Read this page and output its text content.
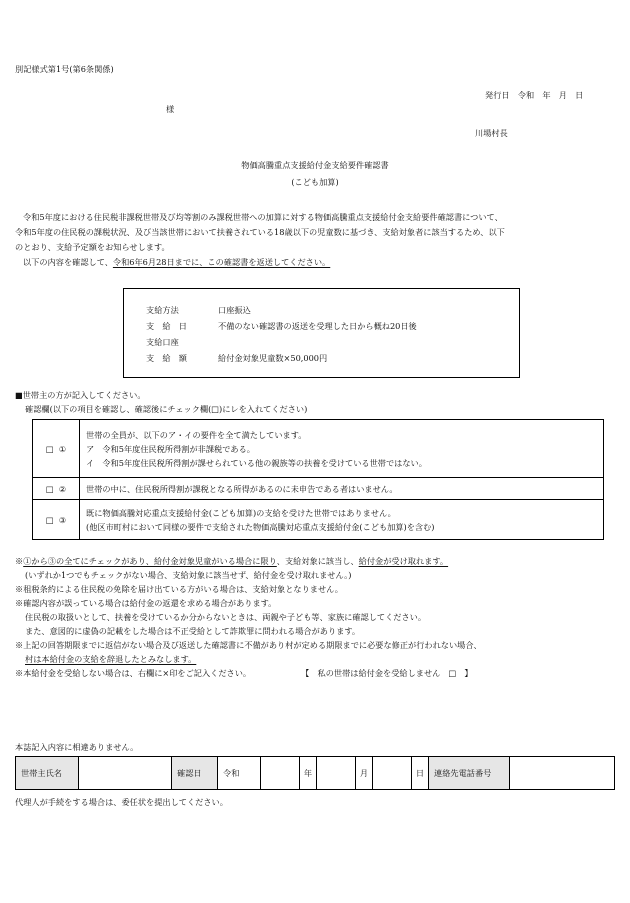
別記様式第1号(第6条関係)
発行日　令和　年　月　日
様
川場村長
物価高騰重点支援給付金支給要件確認書
(こども加算)
令和5年度における住民税非課税世帯及び均等割のみ課税世帯への加算に対する物価高騰重点支援給付金支給要件確認書について、
令和5年度の住民税の課税状況、及び当該世帯において扶養されている18歳以下の児童数に基づき、支給対象者に該当するため、以下
のとおり、支給予定額をお知らせします。
以下の内容を確認して、令和6年6月28日までに、この確認書を返送してください。
支給方法	口座振込
支　給　日	不備のない確認書の返送を受理した日から概ね20日後
支給口座
支　給　額	給付金対象児童数×50,000円
■世帯主の方が記入してください。
確認欄(以下の項目を確認し、確認後にチェック欄(□)にレを入れてください)
□ ①	世帯の全員が、以下のア・イの要件を全て満たしています。
ア　令和5年度住民税所得割が非課税である。
イ　令和5年度住民税所得割が課せられている他の親族等の扶養を受けている世帯ではない。

□ ②	世帯の中に、住民税所得割が課税となる所得があるのに未申告である者はいません。

□ ③	既に物価高騰対応重点支援給付金(こども加算)の支給を受けた世帯ではありません。
(他区市町村において同様の要件で支給された物価高騰対応重点支援給付金(こども加算)を含む)
※①から③の全てにチェックがあり、給付金対象児童がいる場合に限り、支給対象に該当し、給付金が受け取れます。
(いずれか1つでもチェックがない場合、支給対象に該当せず、給付金を受け取れません。)
※租税条約による住民税の免除を届け出ている方がいる場合は、支給対象となりません。
※確認内容が誤っている場合は給付金の返還を求める場合があります。
住民税の取扱いとして、扶養を受けているか分からないときは、両親や子ども等、家族に確認してください。
また、意図的に虚偽の記載をした場合は不正受給として詐欺罪に問われる場合があります。
※上記の回答期限までに返信がない場合及び返送した確認書に不備があり村が定める期限までに必要な修正が行われない場合、
村は本給付金の支給を辞退したとみなします。
※本給付金を受給しない場合は、右欄に×印をご記入ください。	【　私の世帯は給付金を受給しません　□　】
本誌記入内容に相違ありません。
世帯主氏名		確認日	令和		年		月		日	連絡先電話番号	
代理人が手続をする場合は、委任状を提出してください。
